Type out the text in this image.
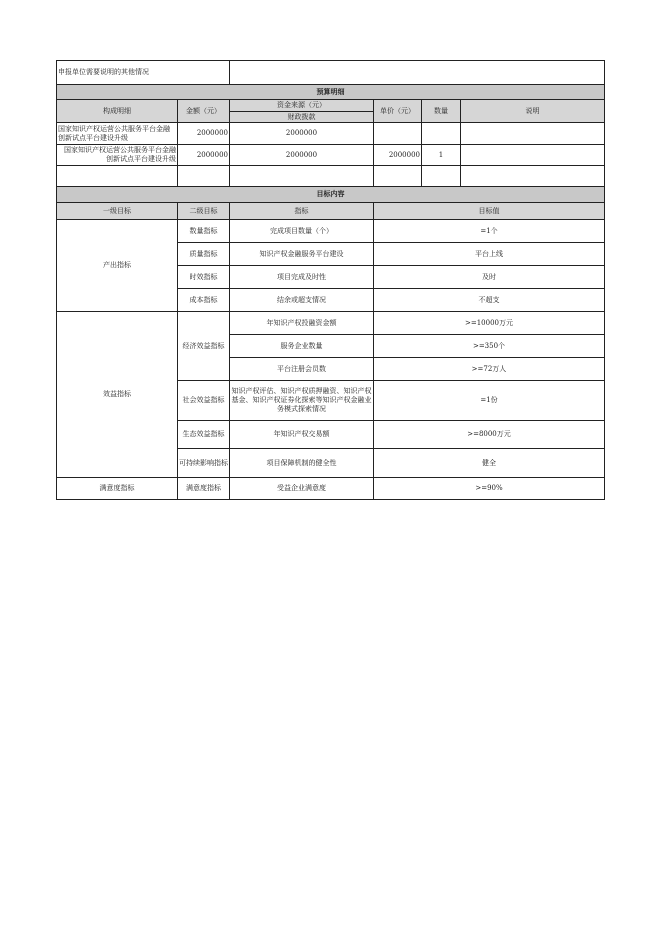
申报单位需要说明的其他情况					
预算明细					
构成明细	金额（元）	资金来源（元）	单价（元）	数量	说明
		财政拨款			
国家知识产权运营公共服务平台金融创新试点平台建设升级	2000000	2000000			
国家知识产权运营公共服务平台金融创新试点平台建设升级	2000000	2000000	2000000	1	

目标内容					
一级目标	二级目标	指标	目标值		
产出指标	数量指标	完成项目数量（个）	=1个		
	质量指标	知识产权金融服务平台建设	平台上线		
	时效指标	项目完成及时性	及时		
	成本指标	结余或超支情况	不超支		
效益指标	经济效益指标	年知识产权投融资金额	>=10000万元		
		服务企业数量	>=350个		
		平台注册会员数	>=72万人		
	社会效益指标	知识产权评估、知识产权质押融资、知识产权基金、知识产权证券化探索等知识产权金融业务模式探索情况	=1份		
	生态效益指标	年知识产权交易额	>=8000万元		
	可持续影响指标	项目保障机制的健全性	健全		
满意度指标	满意度指标	受益企业满意度	>=90%		
